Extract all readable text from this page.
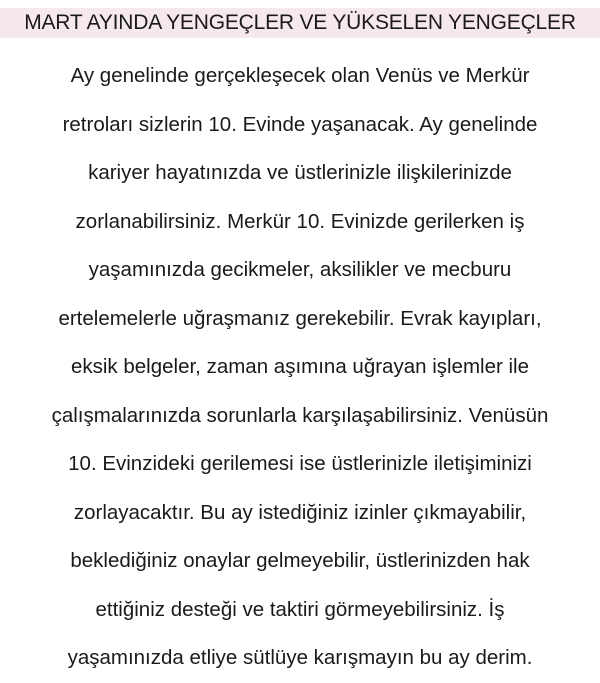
MART AYINDA YENGEÇLER VE YÜKSELEN YENGEÇLER

Ay genelinde gerçekleşecek olan Venüs ve Merkür
retroları sizlerin 10. Evinde yaşanacak. Ay genelinde
kariyer hayatınızda ve üstlerinizle ilişkilerinizde
zorlanabilirsiniz. Merkür 10. Evinizde gerilerken iş
yaşamınızda gecikmeler, aksilikler ve mecburu
ertelemelerle uğraşmanız gerekebilir. Evrak kayıpları,
eksik belgeler, zaman aşımına uğrayan işlemler ile
çalışmalarınızda sorunlarla karşılaşabilirsiniz. Venüsün
10. Evinzideki gerilemesi ise üstlerinizle iletişiminizi
zorlayacaktır. Bu ay istediğiniz izinler çıkmayabilir,
beklediğiniz onaylar gelmeyebilir, üstlerinizden hak
ettiğiniz desteği ve taktiri görmeyebilirsiniz. İş
yaşamınızda etliye sütlüye karışmayın bu ay derim.
